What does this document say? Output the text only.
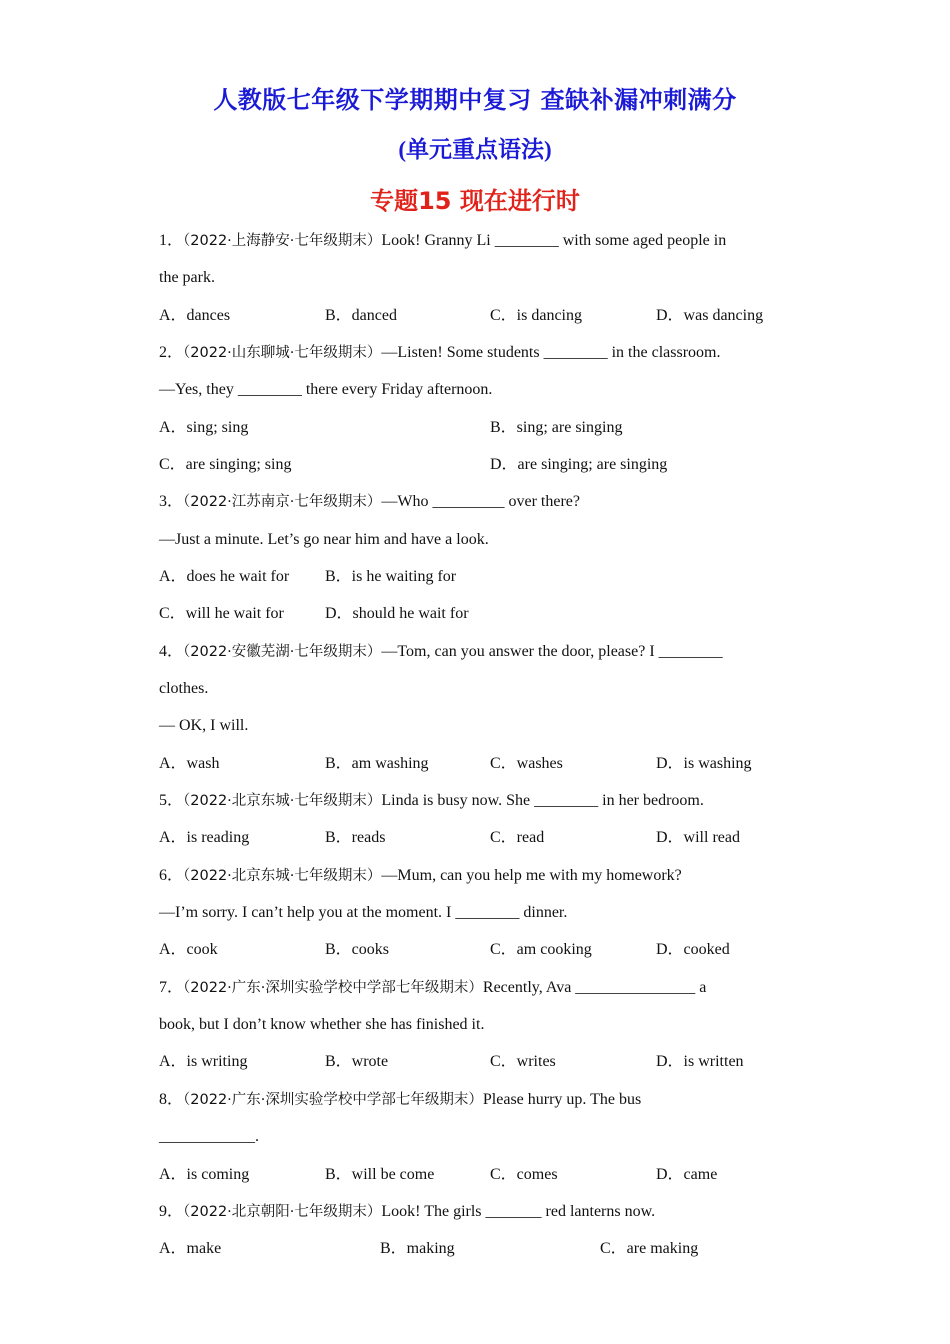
人教版七年级下学期期中复习 查缺补漏冲刺满分
(单元重点语法)
专题15 现在进行时
1．（2022·上海静安·七年级期末）Look! Granny Li ________ with some aged people in
the park.
A．dances	B．danced	C．is dancing	D．was dancing
2．（2022·山东聊城·七年级期末）—Listen! Some students ________ in the classroom.
—Yes, they ________ there every Friday afternoon.
A．sing; sing	B．sing; are singing
C．are singing; sing	D．are singing; are singing
3．（2022·江苏南京·七年级期末）—Who _________ over there?
—Just a minute. Let’s go near him and have a look.
A．does he wait for B．is he waiting for
C．will he wait for	D．should he wait for
4．（2022·安徽芜湖·七年级期末）—Tom, can you answer the door, please? I ________
clothes.
— OK, I will.
A．wash	B．am washing	C．washes	D．is washing
5．（2022·北京东城·七年级期末）Linda is busy now. She ________ in her bedroom.
A．is reading	B．reads	C．read	D．will read
6．（2022·北京东城·七年级期末）—Mum, can you help me with my homework?
—I’m sorry. I can’t help you at the moment. I ________ dinner.
A．cook	B．cooks	C．am cooking	D．cooked
7．（2022·广东·深圳实验学校中学部七年级期末）Recently, Ava _______________ a
book, but I don’t know whether she has finished it.
A．is writing	B．wrote	C．writes	D．is written
8．（2022·广东·深圳实验学校中学部七年级期末）Please hurry up. The bus
____________.
A．is coming	B．will be come	C．comes	D．came
9．（2022·北京朝阳·七年级期末）Look! The girls _______ red lanterns now.
A．make	B．making	C．are making
